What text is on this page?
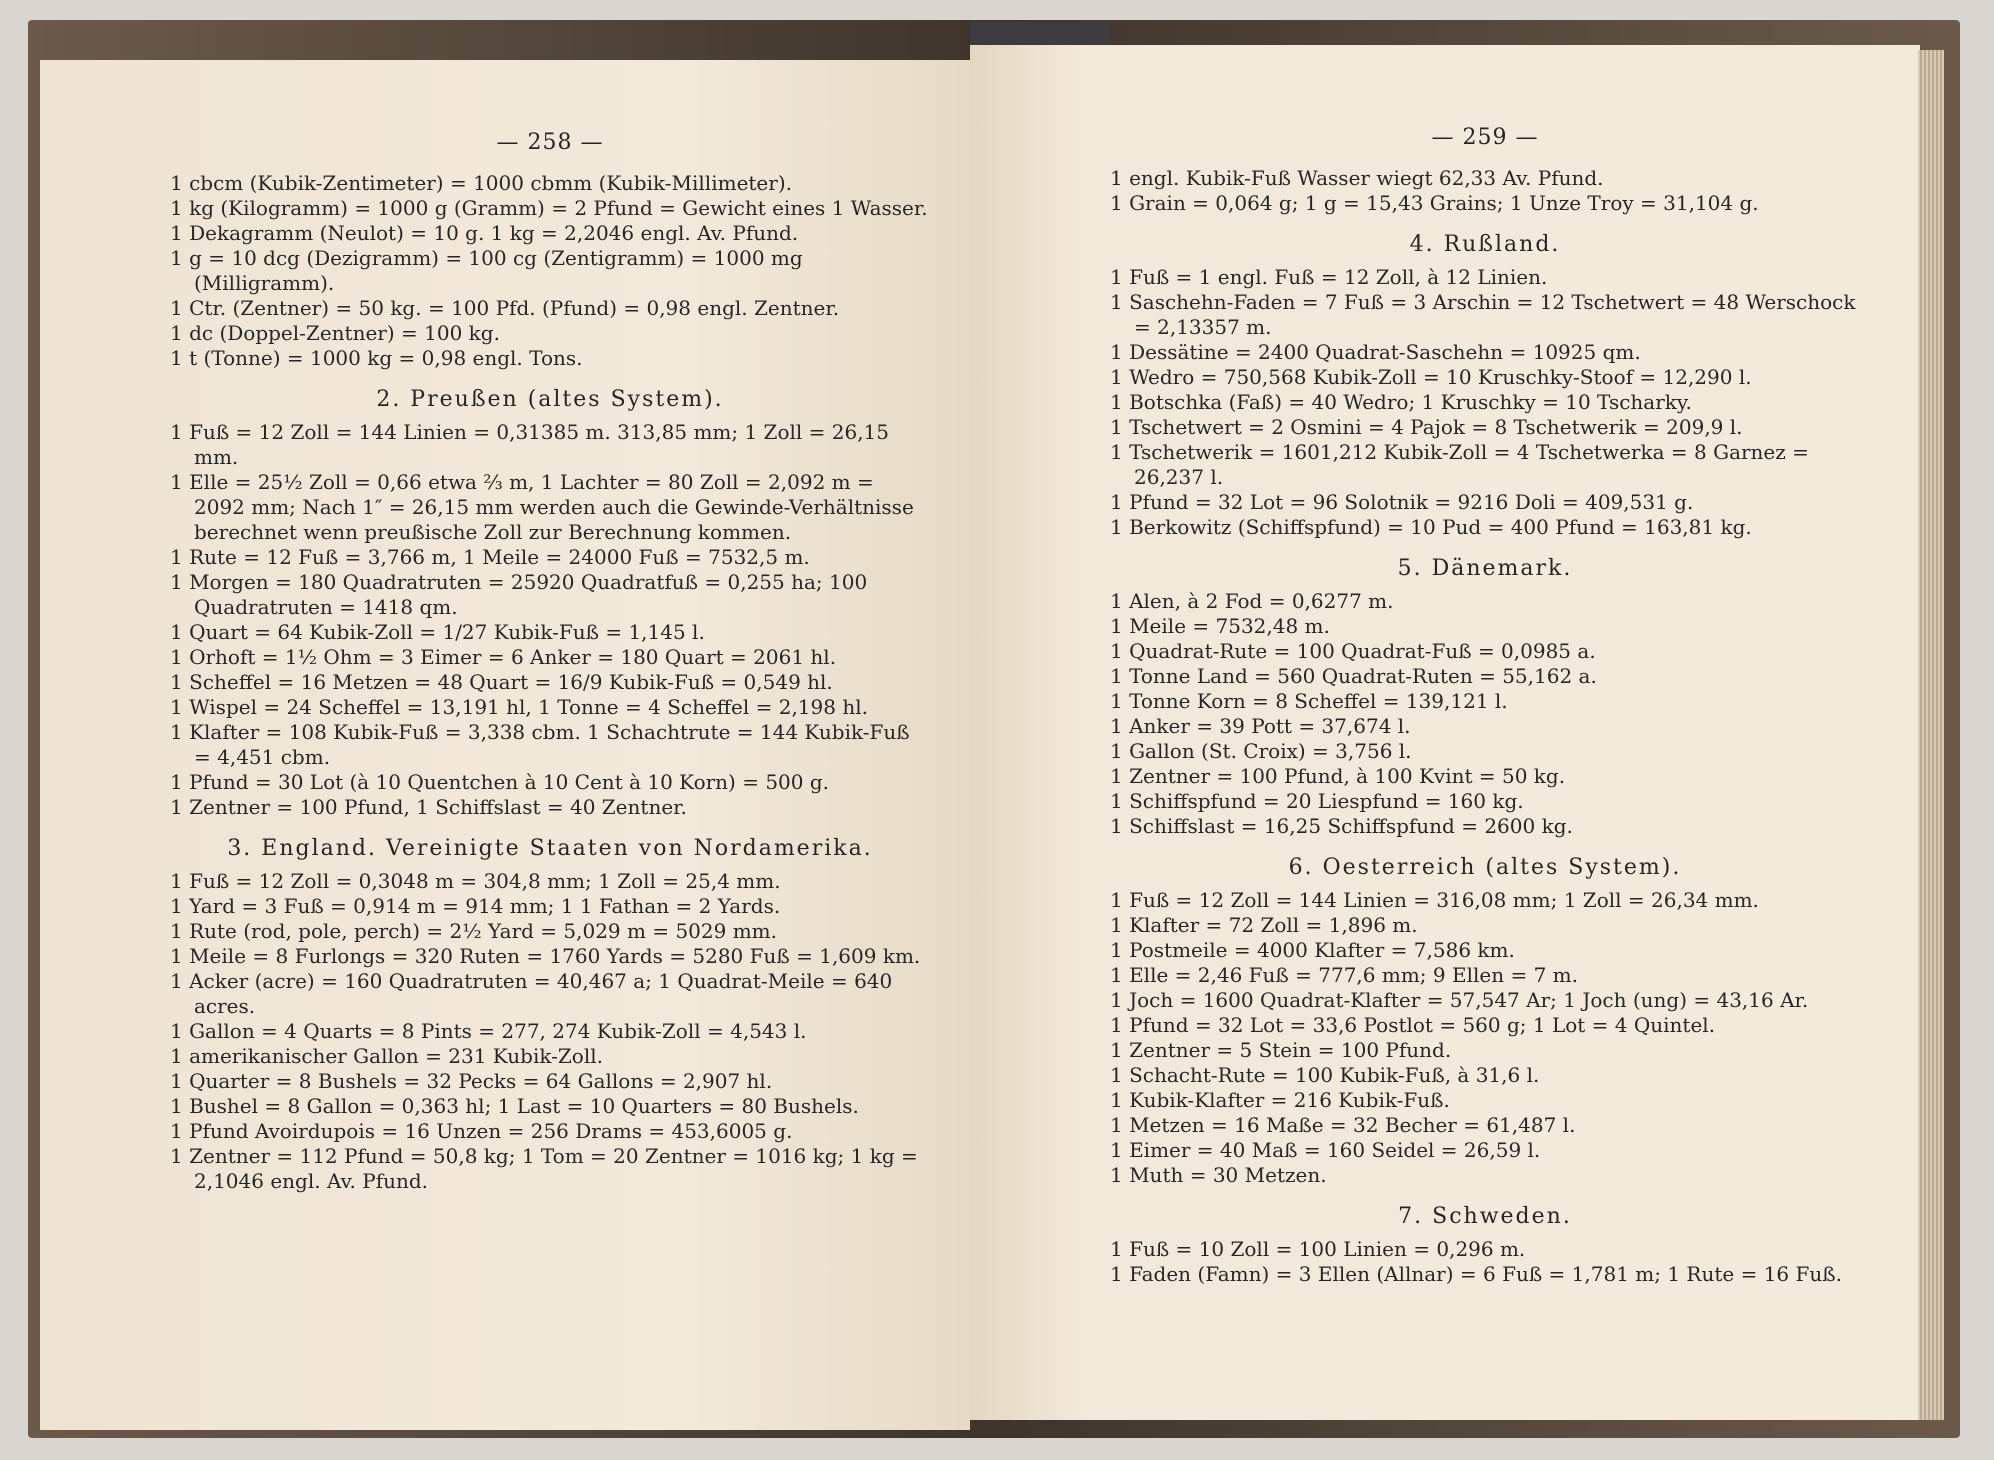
— 258 —

1 cbcm (Kubik-Zentimeter) = 1000 cbmm (Kubik-Millimeter).

1 kg (Kilogramm) = 1000 g (Gramm) = 2 Pfund = Gewicht eines 1 Wasser.

1 Dekagramm (Neulot) = 10 g. 1 kg = 2,2046 engl. Av. Pfund.

1 g = 10 dcg (Dezigramm) = 100 cg (Zentigramm) = 1000 mg (Milligramm).

1 Ctr. (Zentner) = 50 kg. = 100 Pfd. (Pfund) = 0,98 engl. Zentner.

1 dc (Doppel-Zentner) = 100 kg.

1 t (Tonne) = 1000 kg = 0,98 engl. Tons.

2. Preußen (altes System).

1 Fuß = 12 Zoll = 144 Linien = 0,31385 m. 313,85 mm; 1 Zoll = 26,15 mm.

1 Elle = 25½ Zoll = 0,66 etwa ⅔ m, 1 Lachter = 80 Zoll = 2,092 m = 2092 mm; Nach 1″ = 26,15 mm werden auch die Gewinde-Verhältnisse berechnet wenn preußische Zoll zur Berechnung kommen.

1 Rute = 12 Fuß = 3,766 m, 1 Meile = 24000 Fuß = 7532,5 m.

1 Morgen = 180 Quadratruten = 25920 Quadratfuß = 0,255 ha; 100 Quadratruten = 1418 qm.

1 Quart = 64 Kubik-Zoll = 1/27 Kubik-Fuß = 1,145 l.

1 Orhoft = 1½ Ohm = 3 Eimer = 6 Anker = 180 Quart = 2061 hl.

1 Scheffel = 16 Metzen = 48 Quart = 16/9 Kubik-Fuß = 0,549 hl.

1 Wispel = 24 Scheffel = 13,191 hl, 1 Tonne = 4 Scheffel = 2,198 hl.

1 Klafter = 108 Kubik-Fuß = 3,338 cbm. 1 Schachtrute = 144 Kubik-Fuß = 4,451 cbm.

1 Pfund = 30 Lot (à 10 Quentchen à 10 Cent à 10 Korn) = 500 g.

1 Zentner = 100 Pfund, 1 Schiffslast = 40 Zentner.

3. England. Vereinigte Staaten von Nordamerika.

1 Fuß = 12 Zoll = 0,3048 m = 304,8 mm; 1 Zoll = 25,4 mm.

1 Yard = 3 Fuß = 0,914 m = 914 mm; 1 1 Fathan = 2 Yards.

1 Rute (rod, pole, perch) = 2½ Yard = 5,029 m = 5029 mm.

1 Meile = 8 Furlongs = 320 Ruten = 1760 Yards = 5280 Fuß = 1,609 km.

1 Acker (acre) = 160 Quadratruten = 40,467 a; 1 Quadrat-Meile = 640 acres.

1 Gallon = 4 Quarts = 8 Pints = 277, 274 Kubik-Zoll = 4,543 l.

1 amerikanischer Gallon = 231 Kubik-Zoll.

1 Quarter = 8 Bushels = 32 Pecks = 64 Gallons = 2,907 hl.

1 Bushel = 8 Gallon = 0,363 hl; 1 Last = 10 Quarters = 80 Bushels.

1 Pfund Avoirdupois = 16 Unzen = 256 Drams = 453,6005 g.

1 Zentner = 112 Pfund = 50,8 kg; 1 Tom = 20 Zentner = 1016 kg; 1 kg = 2,1046 engl. Av. Pfund.

— 259 —

1 engl. Kubik-Fuß Wasser wiegt 62,33 Av. Pfund.

1 Grain = 0,064 g; 1 g = 15,43 Grains; 1 Unze Troy = 31,104 g.

4. Rußland.

1 Fuß = 1 engl. Fuß = 12 Zoll, à 12 Linien.

1 Saschehn-Faden = 7 Fuß = 3 Arschin = 12 Tschetwert = 48 Werschock = 2,13357 m.

1 Dessätine = 2400 Quadrat-Saschehn = 10925 qm.

1 Wedro = 750,568 Kubik-Zoll = 10 Kruschky-Stoof = 12,290 l.

1 Botschka (Faß) = 40 Wedro; 1 Kruschky = 10 Tscharky.

1 Tschetwert = 2 Osmini = 4 Pajok = 8 Tschetwerik = 209,9 l.

1 Tschetwerik = 1601,212 Kubik-Zoll = 4 Tschetwerka = 8 Garnez = 26,237 l.

1 Pfund = 32 Lot = 96 Solotnik = 9216 Doli = 409,531 g.

1 Berkowitz (Schiffspfund) = 10 Pud = 400 Pfund = 163,81 kg.

5. Dänemark.

1 Alen, à 2 Fod = 0,6277 m.

1 Meile = 7532,48 m.

1 Quadrat-Rute = 100 Quadrat-Fuß = 0,0985 a.

1 Tonne Land = 560 Quadrat-Ruten = 55,162 a.

1 Tonne Korn = 8 Scheffel = 139,121 l.

1 Anker = 39 Pott = 37,674 l.

1 Gallon (St. Croix) = 3,756 l.

1 Zentner = 100 Pfund, à 100 Kvint = 50 kg.

1 Schiffspfund = 20 Liespfund = 160 kg.

1 Schiffslast = 16,25 Schiffspfund = 2600 kg.

6. Oesterreich (altes System).

1 Fuß = 12 Zoll = 144 Linien = 316,08 mm; 1 Zoll = 26,34 mm.

1 Klafter = 72 Zoll = 1,896 m.

1 Postmeile = 4000 Klafter = 7,586 km.

1 Elle = 2,46 Fuß = 777,6 mm; 9 Ellen = 7 m.

1 Joch = 1600 Quadrat-Klafter = 57,547 Ar; 1 Joch (ung) = 43,16 Ar.

1 Pfund = 32 Lot = 33,6 Postlot = 560 g; 1 Lot = 4 Quintel.

1 Zentner = 5 Stein = 100 Pfund.

1 Schacht-Rute = 100 Kubik-Fuß, à 31,6 l.

1 Kubik-Klafter = 216 Kubik-Fuß.

1 Metzen = 16 Maße = 32 Becher = 61,487 l.

1 Eimer = 40 Maß = 160 Seidel = 26,59 l.

1 Muth = 30 Metzen.

7. Schweden.

1 Fuß = 10 Zoll = 100 Linien = 0,296 m.

1 Faden (Famn) = 3 Ellen (Allnar) = 6 Fuß = 1,781 m; 1 Rute = 16 Fuß.
